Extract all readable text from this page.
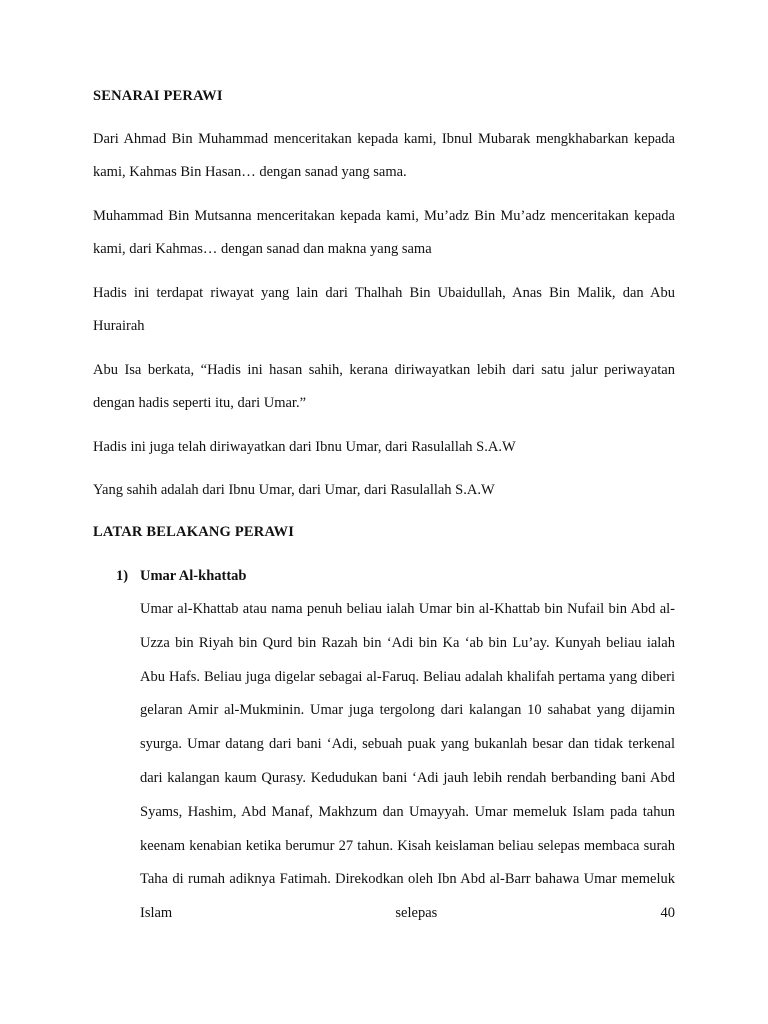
SENARAI PERAWI

Dari Ahmad Bin Muhammad menceritakan kepada kami, Ibnul Mubarak mengkhabarkan kepada kami, Kahmas Bin Hasan… dengan sanad yang sama.

Muhammad Bin Mutsanna menceritakan kepada kami, Mu’adz Bin Mu’adz menceritakan kepada kami, dari Kahmas… dengan sanad dan makna yang sama

Hadis ini terdapat riwayat yang lain dari Thalhah Bin Ubaidullah, Anas Bin Malik, dan Abu Hurairah

Abu Isa berkata, “Hadis ini hasan sahih, kerana diriwayatkan lebih dari satu jalur periwayatan dengan hadis seperti itu, dari Umar.”

Hadis ini juga telah diriwayatkan dari Ibnu Umar, dari Rasulallah S.A.W

Yang sahih adalah dari Ibnu Umar, dari Umar, dari Rasulallah S.A.W

LATAR BELAKANG PERAWI
1) Umar Al-khattab

Umar al-Khattab atau nama penuh beliau ialah Umar bin al-Khattab bin Nufail bin Abd al-Uzza bin Riyah bin Qurd bin Razah bin ‘Adi bin Ka ‘ab bin Lu’ay. Kunyah beliau ialah Abu Hafs. Beliau juga digelar sebagai al-Faruq. Beliau adalah khalifah pertama yang diberi gelaran Amir al-Mukminin. Umar juga tergolong dari kalangan 10 sahabat yang dijamin syurga. Umar datang dari bani ‘Adi, sebuah puak yang bukanlah besar dan tidak terkenal dari kalangan kaum Qurasy. Kedudukan bani ‘Adi jauh lebih rendah berbanding bani Abd Syams, Hashim, Abd Manaf, Makhzum dan Umayyah. Umar memeluk Islam pada tahun keenam kenabian ketika berumur 27 tahun. Kisah keislaman beliau selepas membaca surah Taha di rumah adiknya Fatimah. Direkodkan oleh Ibn Abd al-Barr bahawa Umar memeluk Islam selepas 40
